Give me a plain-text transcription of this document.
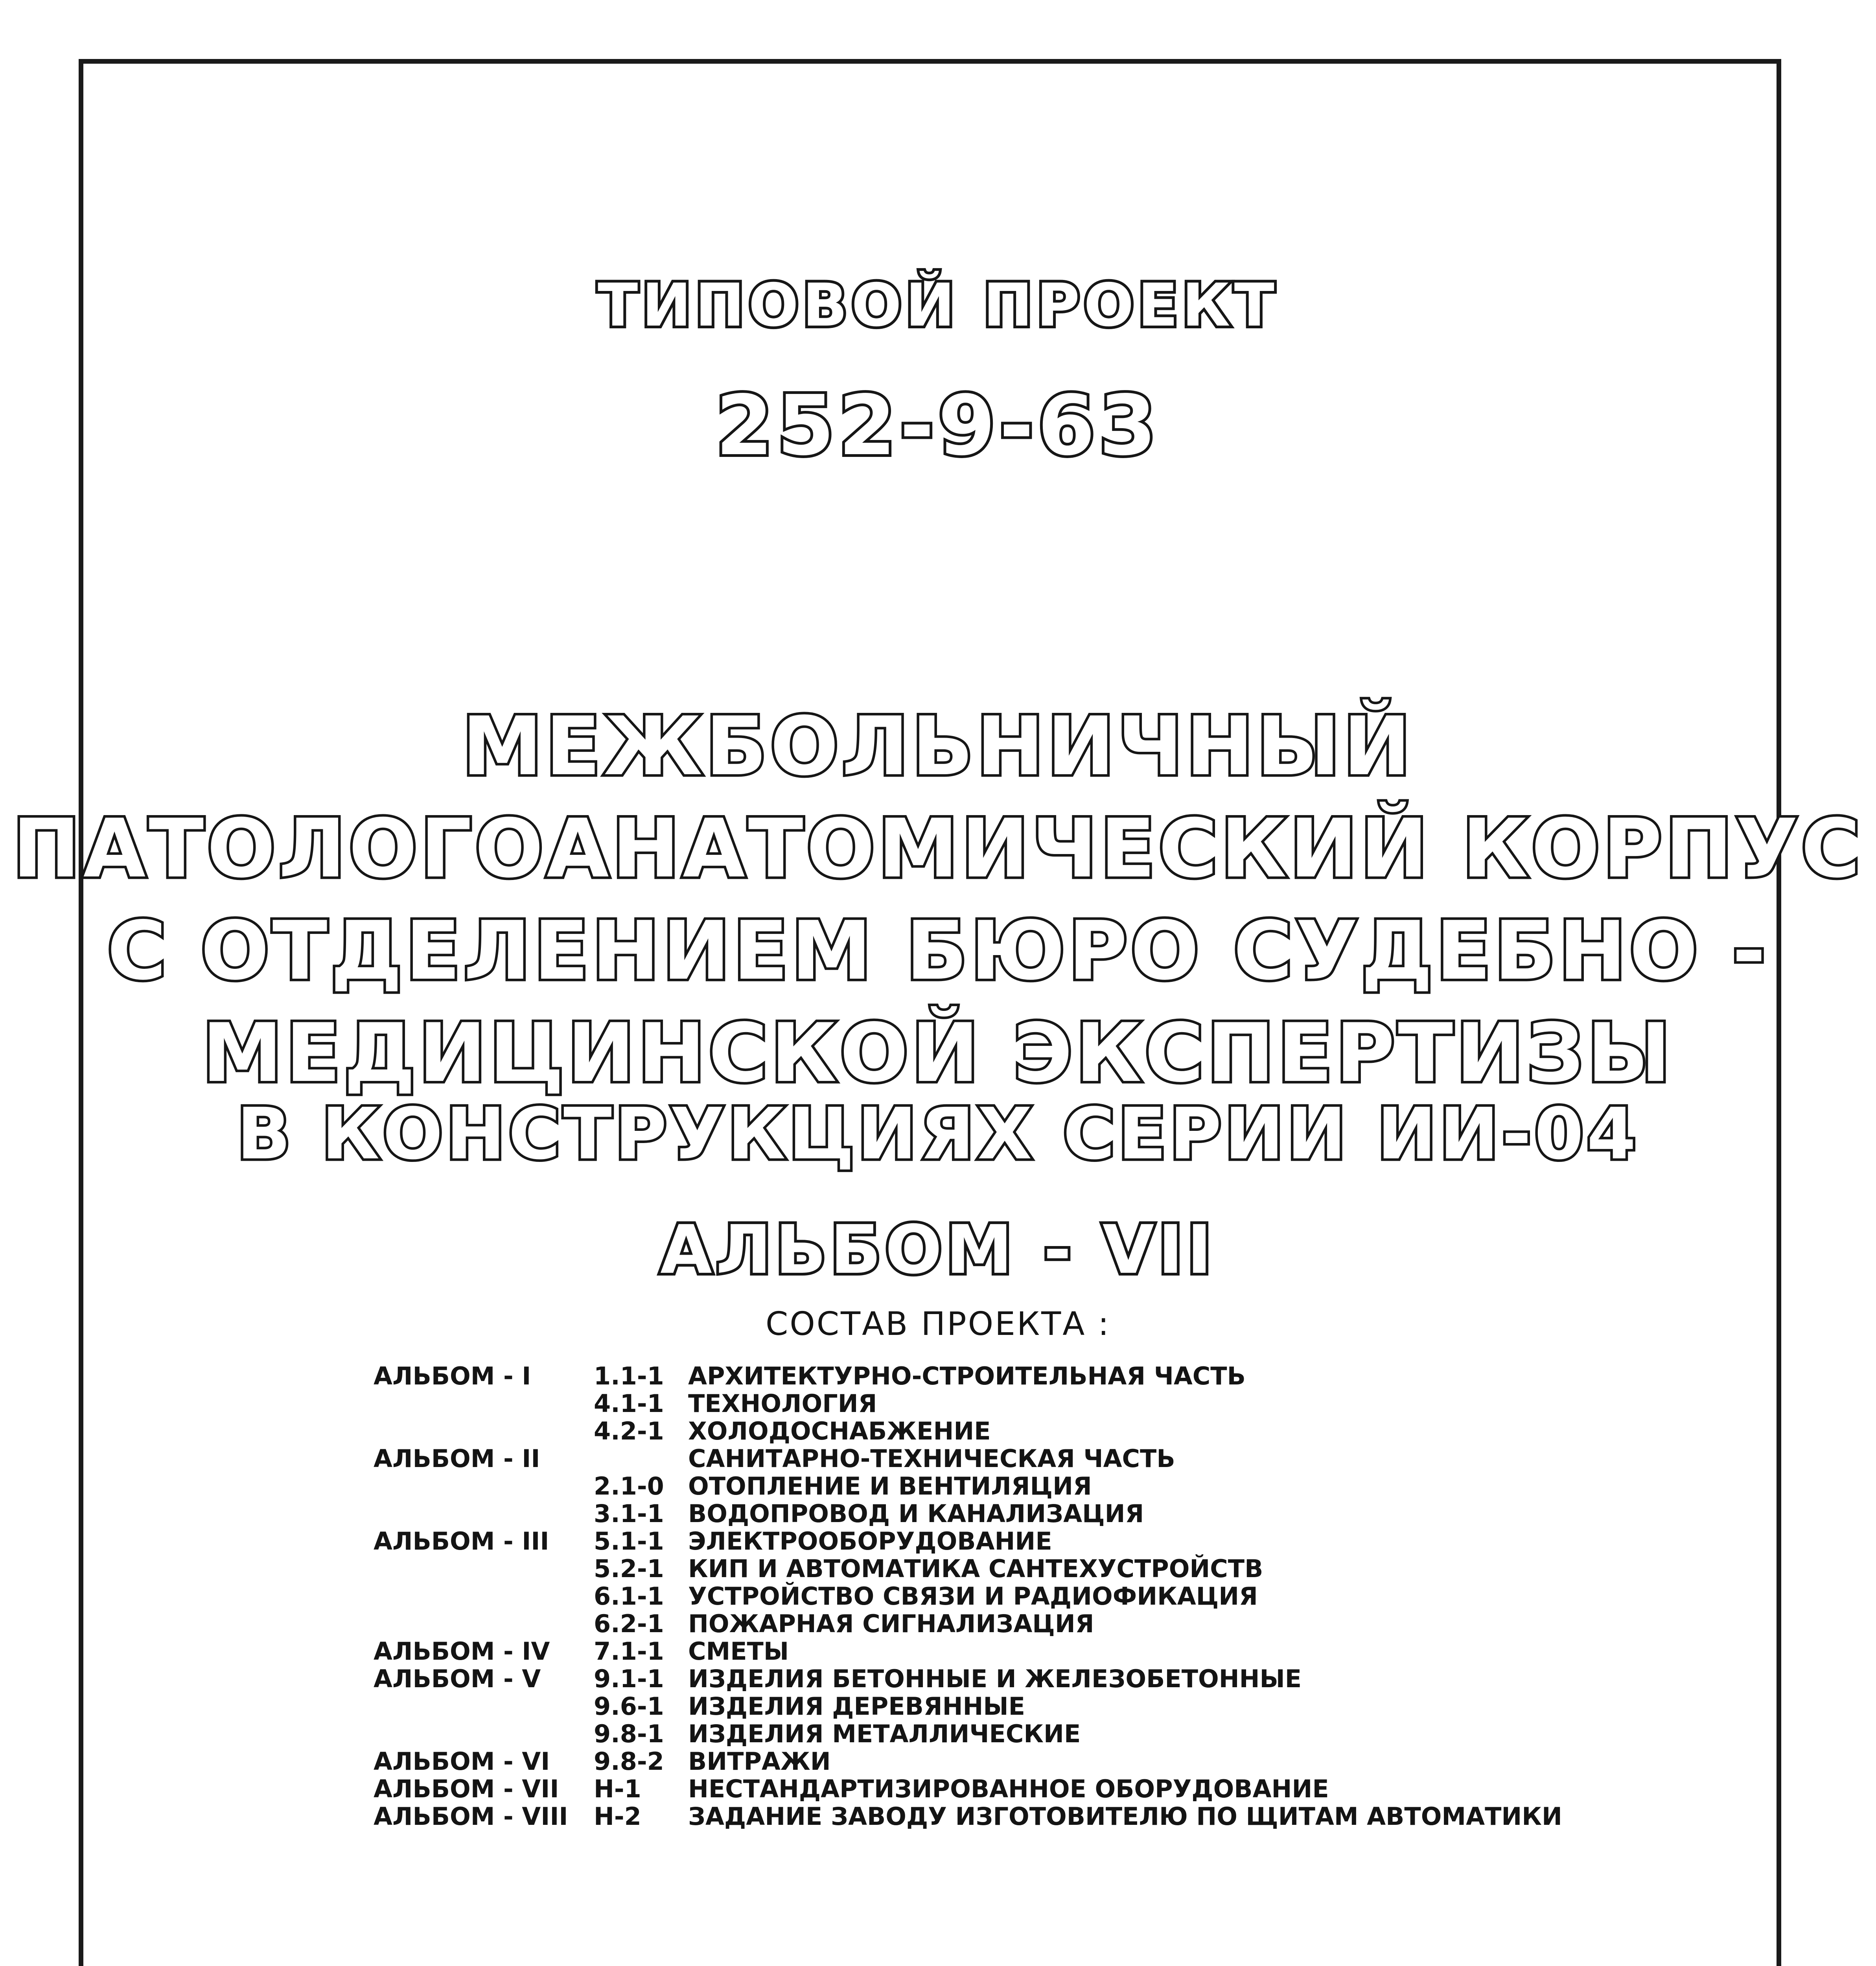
ТИПОВОЙ ПРОЕКТ
252-9-63
МЕЖБОЛЬНИЧНЫЙ
ПАТОЛОГОАНАТОМИЧЕСКИЙ КОРПУС
С ОТДЕЛЕНИЕМ БЮРО СУДЕБНО -
МЕДИЦИНСКОЙ ЭКСПЕРТИЗЫ
В КОНСТРУКЦИЯХ СЕРИИ ИИ-04
АЛЬБОМ - VII
СОСТАВ ПРОЕКТА :
АЛЬБОМ - I	1.1-1 АРХИТЕКТУРНО-СТРОИТЕЛЬНАЯ ЧАСТЬ
4.1-1 ТЕХНОЛОГИЯ
4.2-1 ХОЛОДОСНАБЖЕНИЕ
АЛЬБОМ - II	САНИТАРНО-ТЕХНИЧЕСКАЯ ЧАСТЬ
2.1-0 ОТОПЛЕНИЕ И ВЕНТИЛЯЦИЯ
3.1-1 ВОДОПРОВОД И КАНАЛИЗАЦИЯ
АЛЬБОМ - III 5.1-1 ЭЛЕКТРООБОРУДОВАНИЕ
5.2-1 КИП И АВТОМАТИКА САНТЕХУСТРОЙСТВ
6.1-1 УСТРОЙСТВО СВЯЗИ И РАДИОФИКАЦИЯ
6.2-1 ПОЖАРНАЯ СИГНАЛИЗАЦИЯ
АЛЬБОМ - IV 7.1-1 СМЕТЫ
АЛЬБОМ - V 9.1-1 ИЗДЕЛИЯ БЕТОННЫЕ И ЖЕЛЕЗОБЕТОННЫЕ
9.6-1 ИЗДЕЛИЯ ДЕРЕВЯННЫЕ
9.8-1 ИЗДЕЛИЯ МЕТАЛЛИЧЕСКИЕ
АЛЬБОМ - VI 9.8-2 ВИТРАЖИ
АЛЬБОМ - VII Н-1 НЕСТАНДАРТИЗИРОВАННОЕ ОБОРУДОВАНИЕ
АЛЬБОМ - VIII Н-2 ЗАДАНИЕ ЗАВОДУ ИЗГОТОВИТЕЛЮ ПО ЩИТАМ АВТОМАТИКИ
